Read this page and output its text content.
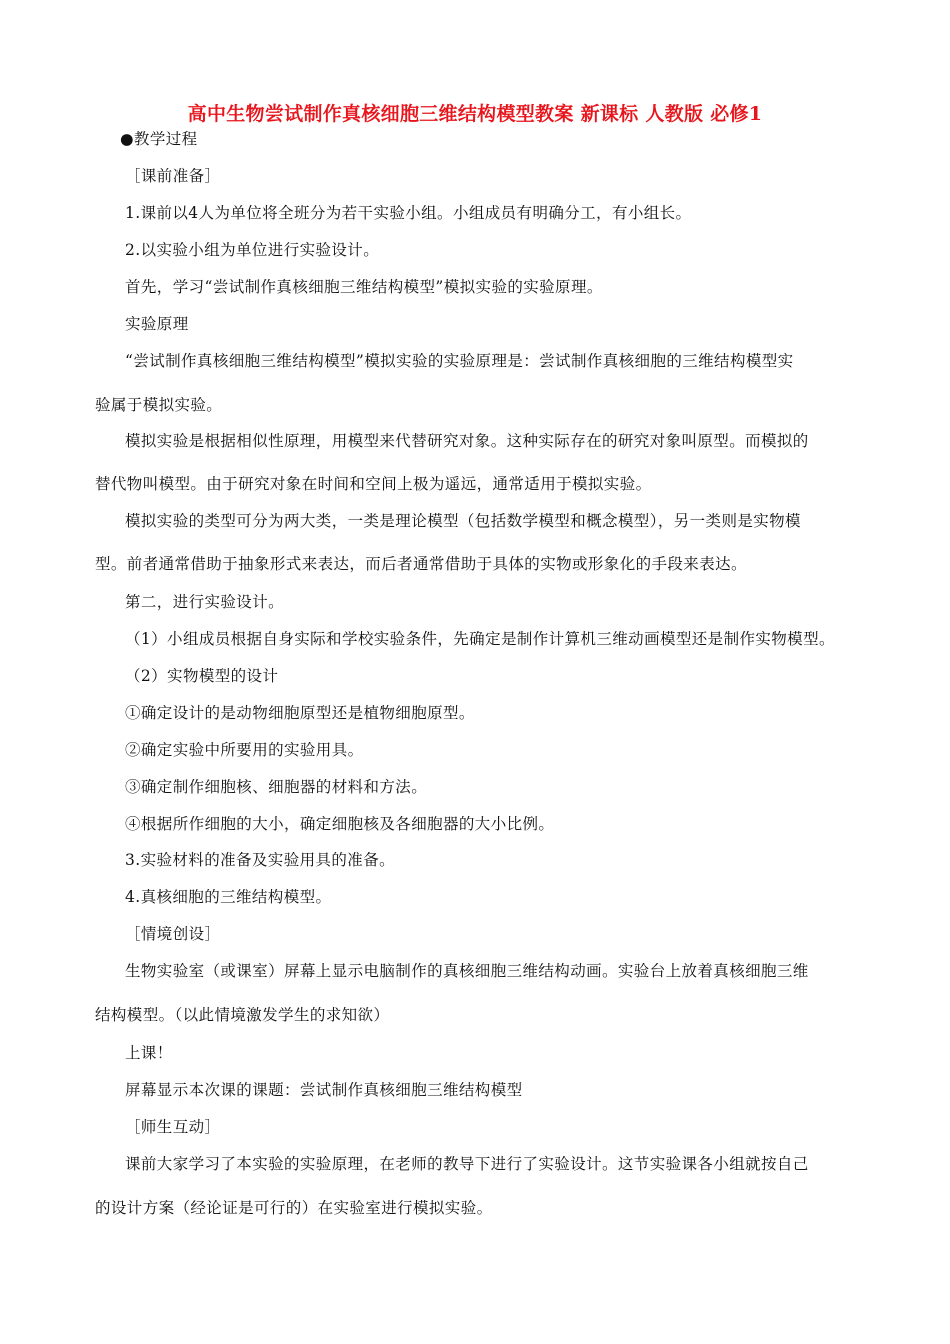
高中生物尝试制作真核细胞三维结构模型教案 新课标 人教版 必修1
●教学过程
［课前准备］
1.课前以4人为单位将全班分为若干实验小组。小组成员有明确分工，有小组长。
2.以实验小组为单位进行实验设计。
首先，学习“尝试制作真核细胞三维结构模型”模拟实验的实验原理。
实验原理
“尝试制作真核细胞三维结构模型”模拟实验的实验原理是：尝试制作真核细胞的三维结构模型实
验属于模拟实验。
模拟实验是根据相似性原理，用模型来代替研究对象。这种实际存在的研究对象叫原型。而模拟的
替代物叫模型。由于研究对象在时间和空间上极为遥远，通常适用于模拟实验。
模拟实验的类型可分为两大类，一类是理论模型（包括数学模型和概念模型），另一类则是实物模
型。前者通常借助于抽象形式来表达，而后者通常借助于具体的实物或形象化的手段来表达。
第二，进行实验设计。
（1）小组成员根据自身实际和学校实验条件，先确定是制作计算机三维动画模型还是制作实物模型。
（2）实物模型的设计
①确定设计的是动物细胞原型还是植物细胞原型。
②确定实验中所要用的实验用具。
③确定制作细胞核、细胞器的材料和方法。
④根据所作细胞的大小，确定细胞核及各细胞器的大小比例。
3.实验材料的准备及实验用具的准备。
4.真核细胞的三维结构模型。
［情境创设］
生物实验室（或课室）屏幕上显示电脑制作的真核细胞三维结构动画。实验台上放着真核细胞三维
结构模型。（以此情境激发学生的求知欲）
上课！
屏幕显示本次课的课题：尝试制作真核细胞三维结构模型
［师生互动］
课前大家学习了本实验的实验原理，在老师的教导下进行了实验设计。这节实验课各小组就按自己
的设计方案（经论证是可行的）在实验室进行模拟实验。
